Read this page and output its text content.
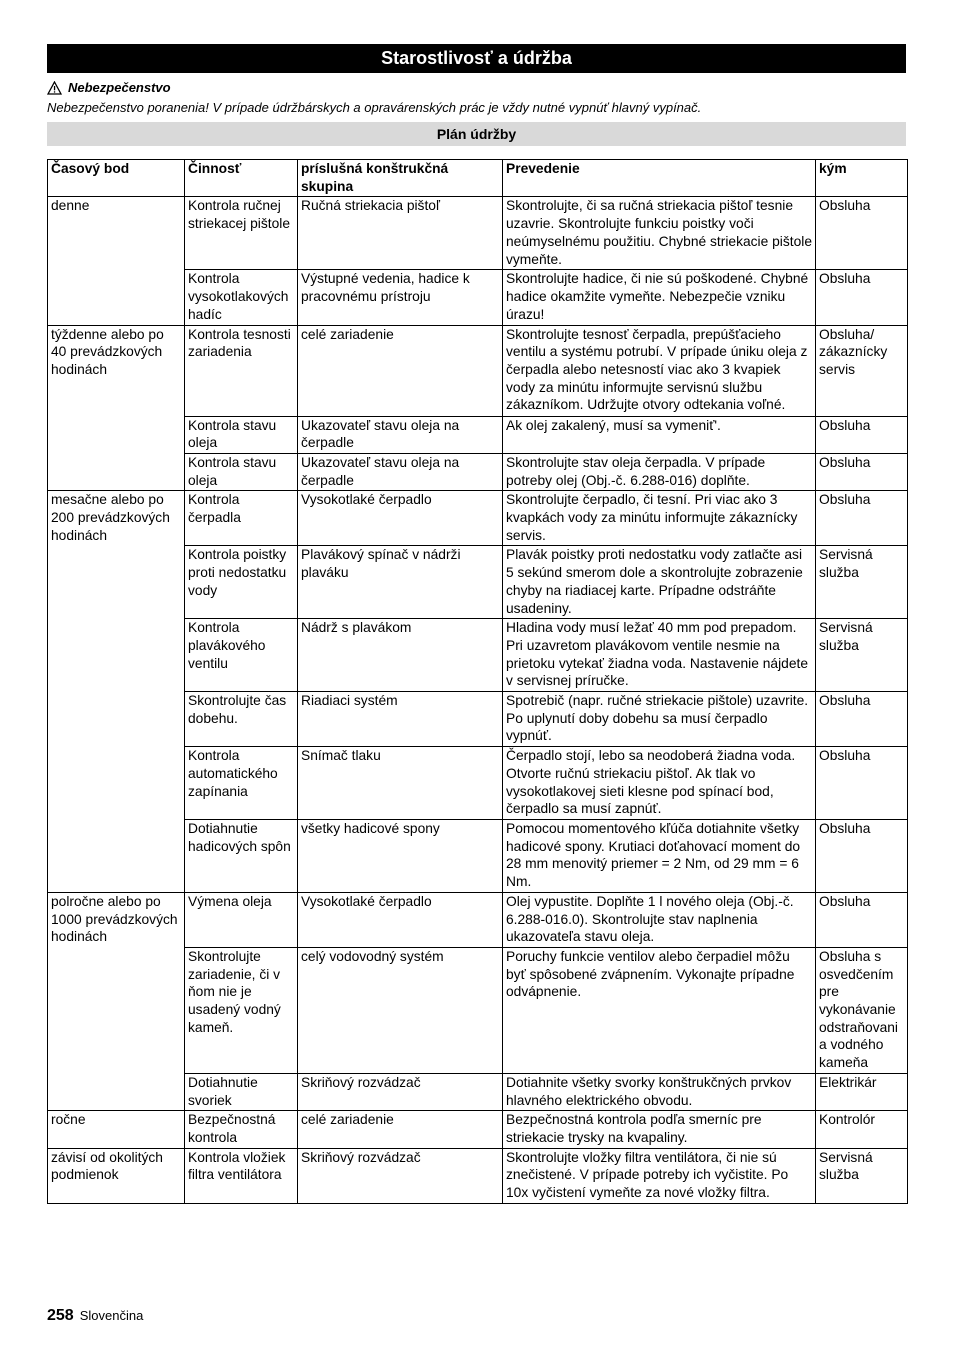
Starostlivosť a údržba
Nebezpečenstvo
Nebezpečenstvo poranenia! V prípade údržbárskych a opravárenských prác je vždy nutné vypnúť hlavný vypínač.
Plán údržby
Časový bod	Činnosť	príslušná konštrukčná skupina	Prevedenie	kým
denne	Kontrola ručnej striekacej pištole	Ručná striekacia pištoľ	Skontrolujte, či sa ručná striekacia pištoľ tesnie uzavrie. Skontrolujte funkciu poistky voči neúmyselnému použitiu. Chybné striekacie pištole vymeňte.	Obsluha
	Kontrola vysokotlakových hadíc	Výstupné vedenia, hadice k pracovnému prístroju	Skontrolujte hadice, či nie sú poškodené. Chybné hadice okamžite vymeňte. Nebezpečie vzniku úrazu!	Obsluha
týždenne alebo po 40 prevádzkových hodinách	Kontrola tesnosti zariadenia	celé zariadenie	Skontrolujte tesnosť čerpadla, prepúšťacieho ventilu a systému potrubí. V prípade úniku oleja z čerpadla alebo netesností viac ako 3 kvapiek vody za minútu informujte servisnú službu zákazníkom. Udržujte otvory odtekania voľné.	Obsluha/ zákaznícky servis
	Kontrola stavu oleja	Ukazovateľ stavu oleja na čerpadle	Ak olej zakalený, musí sa vymeniť'.	Obsluha
	Kontrola stavu oleja	Ukazovateľ stavu oleja na čerpadle	Skontrolujte stav oleja čerpadla. V prípade potreby olej (Obj.-č. 6.288-016) doplňte.	Obsluha
mesačne alebo po 200 prevádzkových hodinách	Kontrola čerpadla	Vysokotlaké čerpadlo	Skontrolujte čerpadlo, či tesní. Pri viac ako 3 kvapkách vody za minútu informujte zákaznícky servis.	Obsluha
	Kontrola poistky proti nedostatku vody	Plavákový spínač v nádrži plaváku	Plavák poistky proti nedostatku vody zatlačte asi 5 sekúnd smerom dole a skontrolujte zobrazenie chyby na riadiacej karte. Prípadne odstráňte usadeniny.	Servisná služba
	Kontrola plavákového ventilu	Nádrž s plavákom	Hladina vody musí ležať 40 mm pod prepadom. Pri uzavretom plavákovom ventile nesmie na prietoku vytekať žiadna voda. Nastavenie nájdete v servisnej príručke.	Servisná služba
	Skontrolujte čas dobehu.	Riadiaci systém	Spotrebič (napr. ručné striekacie pištole) uzavrite. Po uplynutí doby dobehu sa musí čerpadlo vypnúť.	Obsluha
	Kontrola automatického zapínania	Snímač tlaku	Čerpadlo stojí, lebo sa neodoberá žiadna voda. Otvorte ručnú striekaciu pištoľ. Ak tlak vo vysokotlakovej sieti klesne pod spínací bod, čerpadlo sa musí zapnúť.	Obsluha
	Dotiahnutie hadicových spôn	všetky hadicové spony	Pomocou momentového kľúča dotiahnite všetky hadicové spony. Krutiaci doťahovací moment do 28 mm menovitý priemer = 2 Nm, od 29 mm = 6 Nm.	Obsluha
polročne alebo po 1000 prevádzkových hodinách	Výmena oleja	Vysokotlaké čerpadlo	Olej vypustite. Doplňte 1 l nového oleja (Obj.-č. 6.288-016.0). Skontrolujte stav naplnenia ukazovateľa stavu oleja.	Obsluha
	Skontrolujte zariadenie, či v ňom nie je usadený vodný kameň.	celý vodovodný systém	Poruchy funkcie ventilov alebo čerpadiel môžu byť spôsobené zvápnením. Vykonajte prípadne odvápnenie.	Obsluha s osvedčením pre vykonávanie odstraňovani a vodného kameňa
	Dotiahnutie svoriek	Skriňový rozvádzač	Dotiahnite všetky svorky konštrukčných prvkov hlavného elektrického obvodu.	Elektrikár
ročne	Bezpečnostná kontrola	celé zariadenie	Bezpečnostná kontrola podľa smerníc pre striekacie trysky na kvapaliny.	Kontrolór
závisí od okolitých podmienok	Kontrola vložiek filtra ventilátora	Skriňový rozvádzač	Skontrolujte vložky filtra ventilátora, či nie sú znečistené. V prípade potreby ich vyčistite. Po 10x vyčistení vymeňte za nové vložky filtra.	Servisná služba
258 Slovenčina
